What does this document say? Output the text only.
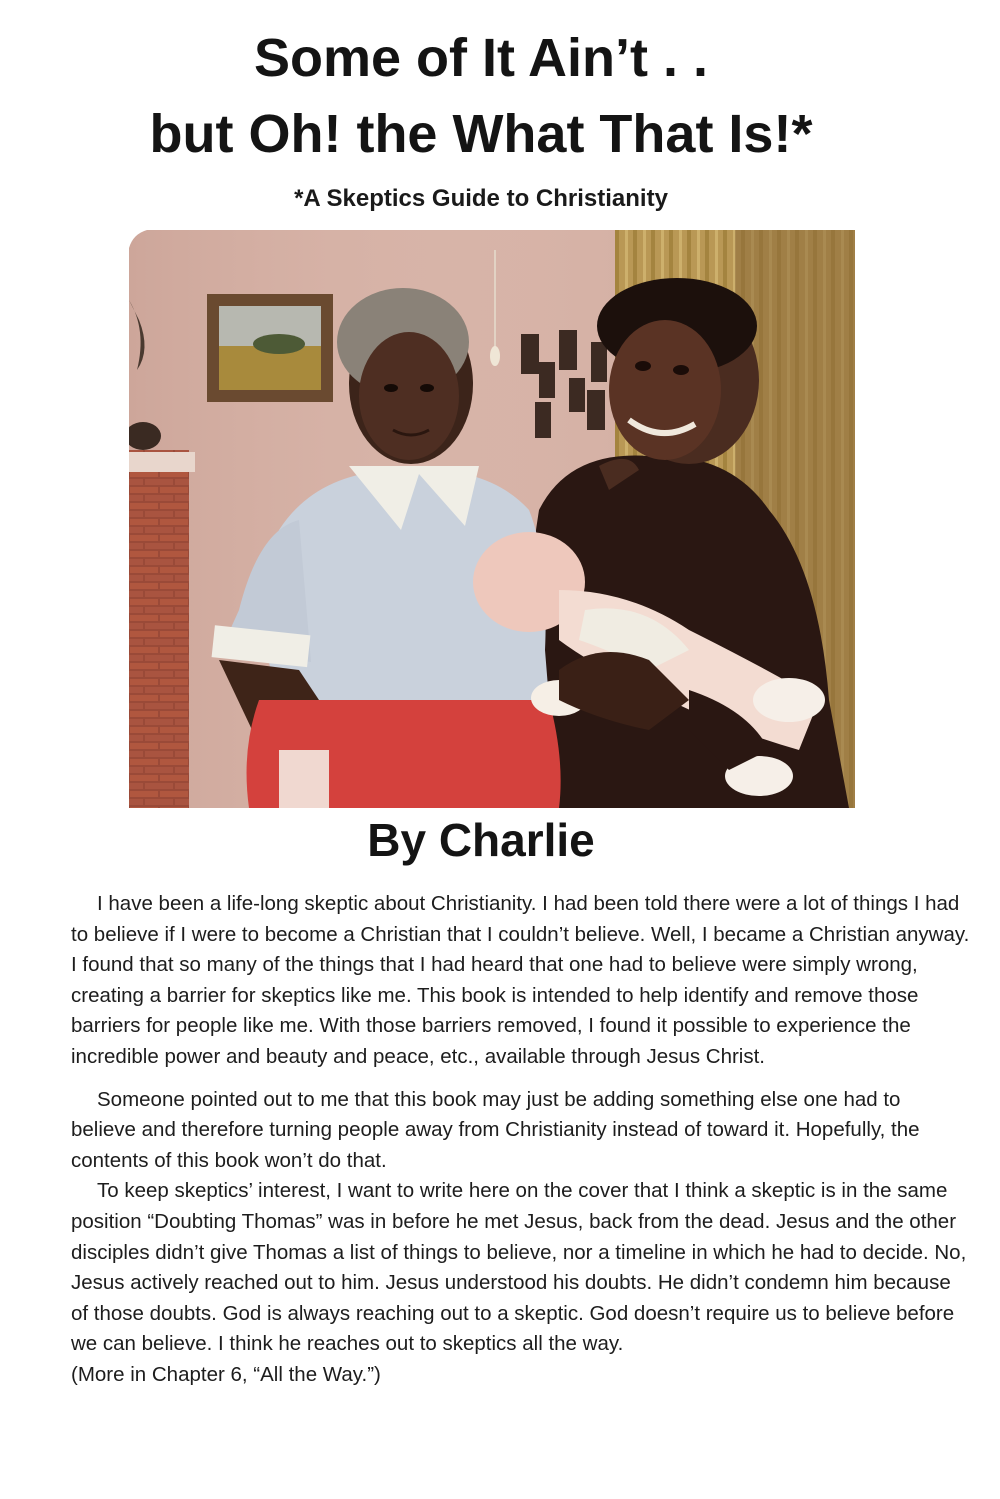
Some of It Ain’t . .
but Oh! the What That Is!*
*A Skeptics Guide to Christianity
By Charlie

I have been a life-long skeptic about Christianity. I had been told there were a lot of things I had to believe if I were to become a Christian that I couldn’t believe. Well, I became a Christian anyway. I found that so many of the things that I had heard that one had to believe were simply wrong, creating a barrier for skeptics like me. This book is intended to help identify and remove those barriers for people like me. With those barriers removed, I found it possible to experience the incredible power and beauty and peace, etc., available through Jesus Christ.

Someone pointed out to me that this book may just be adding something else one had to believe and therefore turning people away from Christianity instead of toward it. Hopefully, the contents of this book won’t do that.

To keep skeptics’ interest, I want to write here on the cover that I think a skeptic is in the same position “Doubting Thomas” was in before he met Jesus, back from the dead. Jesus and the other disciples didn’t give Thomas a list of things to believe, nor a timeline in which he had to decide. No, Jesus actively reached out to him. Jesus understood his doubts. He didn’t condemn him because of those doubts. God is always reaching out to a skeptic. God doesn’t require us to believe before we can believe. I think he reaches out to skeptics all the way.

(More in Chapter 6, “All the Way.”)
